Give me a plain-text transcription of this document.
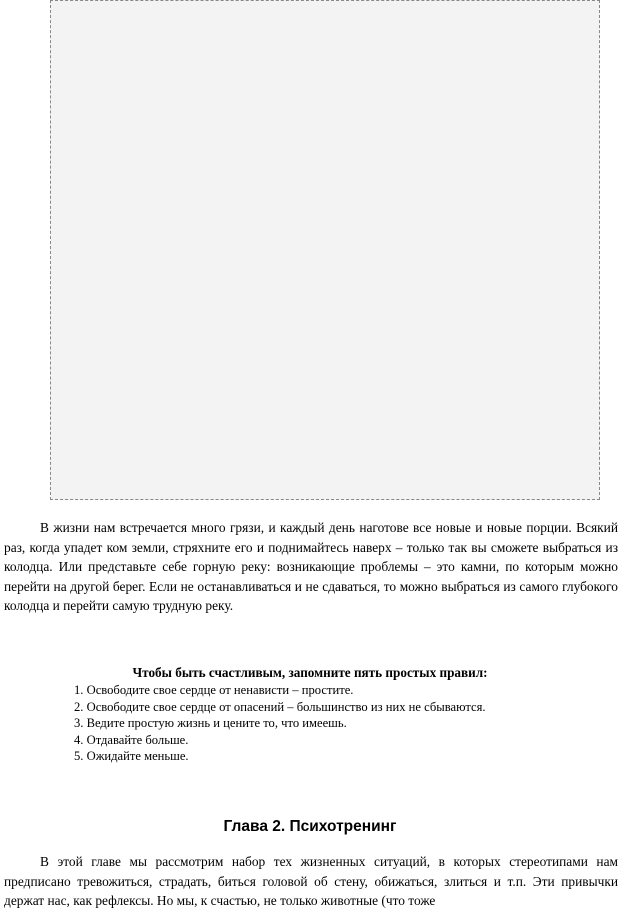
В жизни нам встречается много грязи, и каждый день наготове все новые и новые порции. Всякий раз, когда упадет ком земли, стряхните его и поднимайтесь наверх – только так вы сможете выбраться из колодца. Или представьте себе горную реку: возникающие проблемы – это камни, по которым можно перейти на другой берег. Если не останавливаться и не сдаваться, то можно выбраться из самого глубокого колодца и перейти самую трудную реку.

Чтобы быть счастливым, запомните пять простых правил:

1. Освободите свое сердце от ненависти – простите.
2. Освободите свое сердце от опасений – большинство из них не сбываются.
3. Ведите простую жизнь и цените то, что имеешь.
4. Отдавайте больше.
5. Ожидайте меньше.
Глава 2. Психотренинг

В этой главе мы рассмотрим набор тех жизненных ситуаций, в которых стереотипами нам предписано тревожиться, страдать, биться головой об стену, обижаться, злиться и т.п. Эти привычки держат нас, как рефлексы. Но мы, к счастью, не только животные (что тоже
